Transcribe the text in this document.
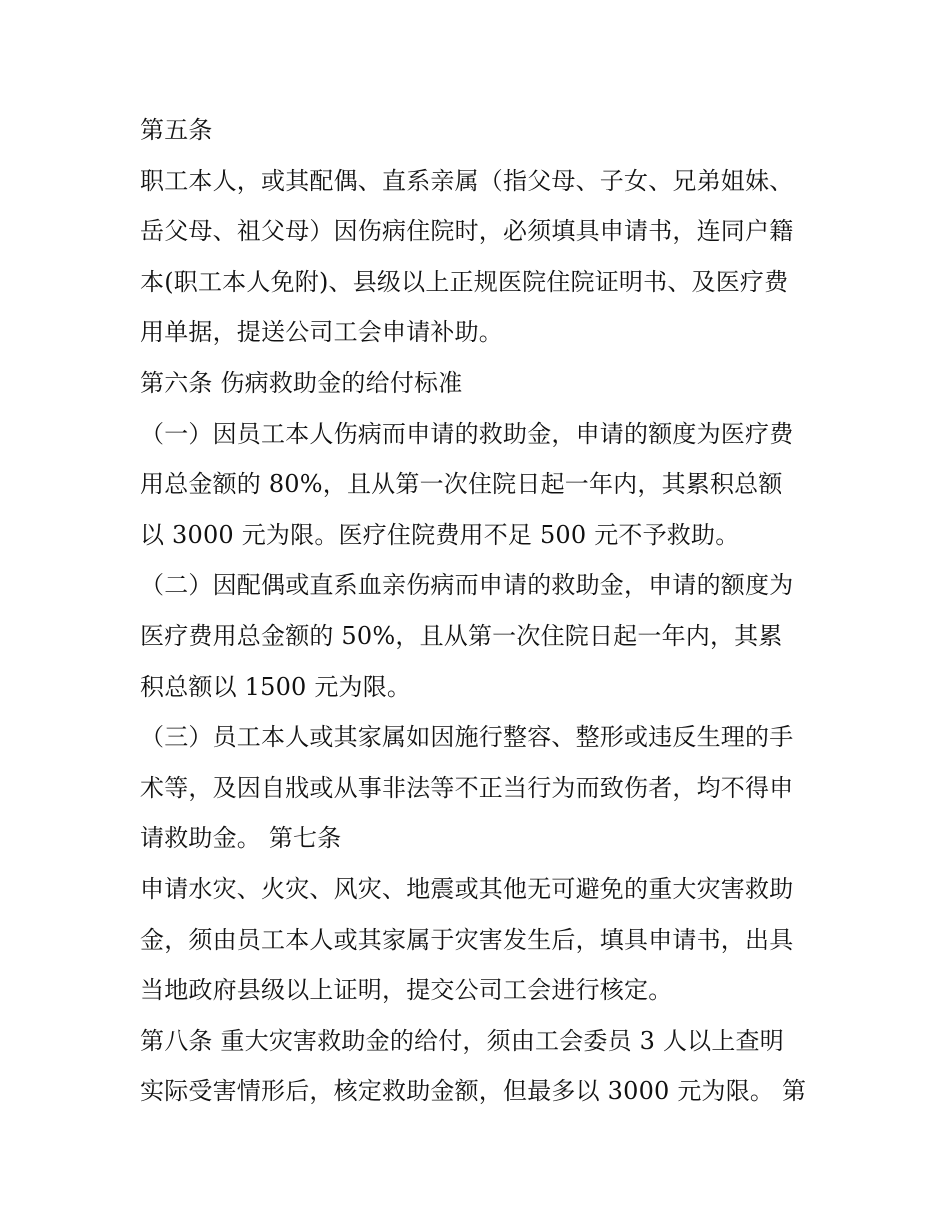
第五条
职工本人，或其配偶、直系亲属（指父母、子女、兄弟姐妹、
岳父母、祖父母）因伤病住院时，必须填具申请书，连同户籍
本(职工本人免附)、县级以上正规医院住院证明书、及医疗费
用单据，提送公司工会申请补助。
第六条 伤病救助金的给付标准
（一）因员工本人伤病而申请的救助金，申请的额度为医疗费
用总金额的 80%，且从第一次住院日起一年内，其累积总额
以 3000 元为限。医疗住院费用不足 500 元不予救助。
（二）因配偶或直系血亲伤病而申请的救助金，申请的额度为
医疗费用总金额的 50%，且从第一次住院日起一年内，其累
积总额以 1500 元为限。
（三）员工本人或其家属如因施行整容、整形或违反生理的手
术等，及因自戕或从事非法等不正当行为而致伤者，均不得申
请救助金。 第七条
申请水灾、火灾、风灾、地震或其他无可避免的重大灾害救助
金，须由员工本人或其家属于灾害发生后，填具申请书，出具
当地政府县级以上证明，提交公司工会进行核定。
第八条 重大灾害救助金的给付，须由工会委员 3 人以上查明
实际受害情形后，核定救助金额，但最多以 3000 元为限。 第
